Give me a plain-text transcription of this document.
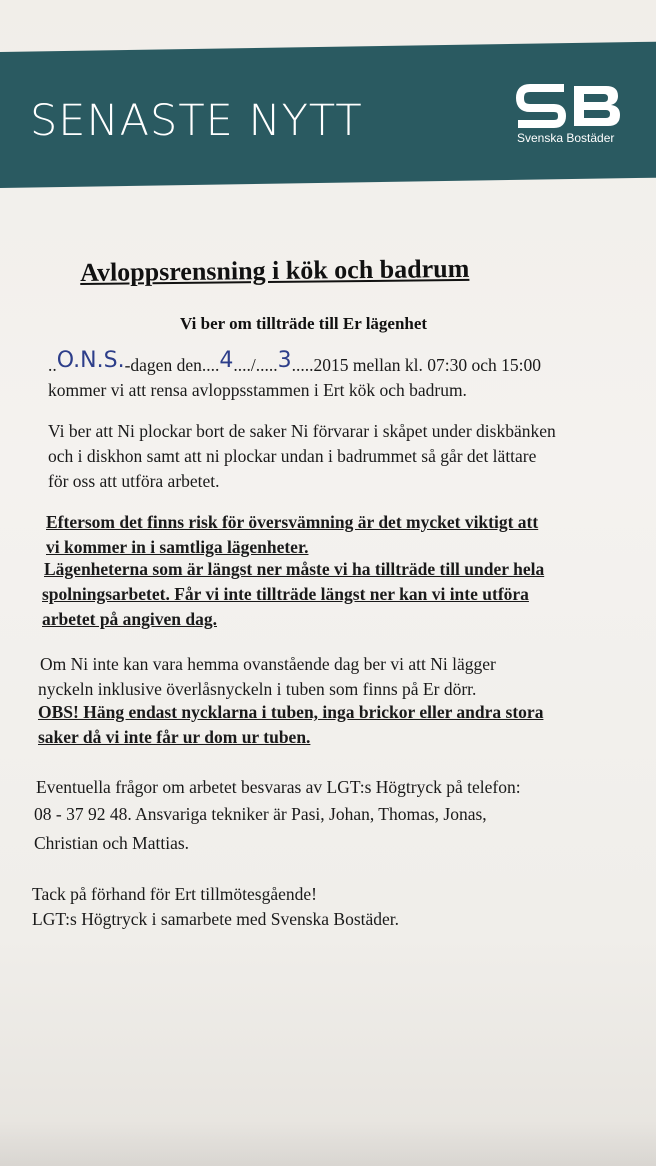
SENASTE NYTT	Svenska Bostäder
Avloppsrensning i kök och badrum
Vi ber om tillträde till Er lägenhet
..O.N.S.-dagen den....4..../.....3.....2015 mellan kl. 07:30 och 15:00
kommer vi att rensa avloppsstammen i Ert kök och badrum.
Vi ber att Ni plockar bort de saker Ni förvarar i skåpet under diskbänken
och i diskhon samt att ni plockar undan i badrummet så går det lättare
för oss att utföra arbetet.
Eftersom det finns risk för översvämning är det mycket viktigt att
vi kommer in i samtliga lägenheter.
Lägenheterna som är längst ner måste vi ha tillträde till under hela
spolningsarbetet. Får vi inte tillträde längst ner kan vi inte utföra
arbetet på angiven dag.
Om Ni inte kan vara hemma ovanstående dag ber vi att Ni lägger
nyckeln inklusive överlåsnyckeln i tuben som finns på Er dörr.
OBS! Häng endast nycklarna i tuben, inga brickor eller andra stora
saker då vi inte får ur dom ur tuben.
Eventuella frågor om arbetet besvaras av LGT:s Högtryck på telefon:
08 - 37 92 48. Ansvariga tekniker är Pasi, Johan, Thomas, Jonas,
Christian och Mattias.
Tack på förhand för Ert tillmötesgående!
LGT:s Högtryck i samarbete med Svenska Bostäder.
